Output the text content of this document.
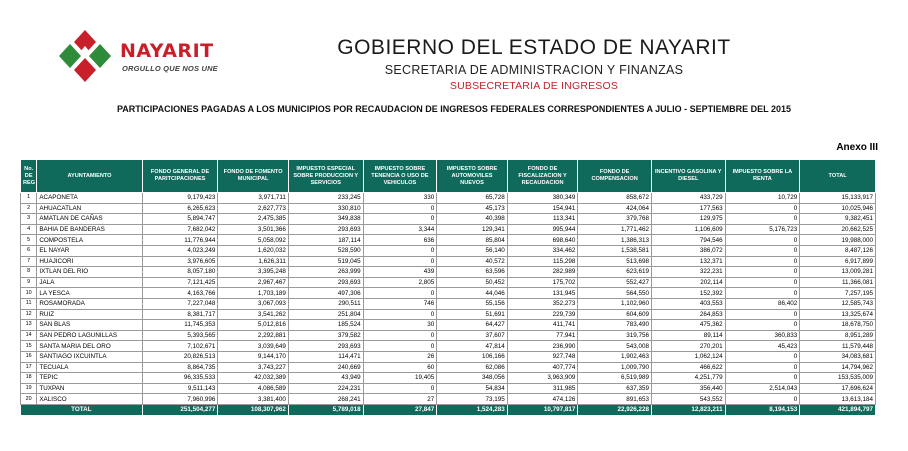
NAYARIT
ORGULLO QUE NOS UNE
GOBIERNO DEL ESTADO DE NAYARIT
SECRETARIA DE ADMINISTRACION Y FINANZAS
SUBSECRETARIA DE INGRESOS
PARTICIPACIONES PAGADAS A LOS MUNICIPIOS POR RECAUDACION DE INGRESOS FEDERALES CORRESPONDIENTES A JULIO - SEPTIEMBRE DEL 2015
Anexo III
No. DE REG	AYUNTAMIENTO	FONDO GENERAL DE PARITCIPACIONES	FONDO DE FOMENTO MUNICIPAL	IMPUESTO ESPECIAL SOBRE PRODUCCION Y SERVICIOS	IMPUESTO SOBRE TENENCIA O USO DE VEHICULOS	IMPUESTO SOBRE AUTOMOVILES NUEVOS	FONDO DE FISCALIZACION Y RECAUDACION	FONDO DE COMPENSACION	INCENTIVO GASOLINA Y DIESEL	IMPUESTO SOBRE LA RENTA	TOTAL
1	ACAPONETA	9,179,423	3,971,711	233,245	330	65,728	380,349	858,672	433,729	10,729	15,133,917
2	AHUACATLAN	6,265,623	2,627,773	330,810	0	45,173	154,941	424,064	177,563	0	10,025,946
3	AMATLAN DE CAÑAS	5,894,747	2,475,385	349,838	0	40,398	113,341	379,768	129,975	0	9,382,451
4	BAHIA DE BANDERAS	7,682,042	3,501,366	293,693	3,344	129,341	995,944	1,771,462	1,106,609	5,176,723	20,662,525
5	COMPOSTELA	11,776,944	5,058,092	187,114	636	85,804	698,640	1,386,313	794,546	0	19,988,000
6	EL NAYAR	4,023,249	1,620,032	528,590	0	56,140	334,462	1,538,581	386,072	0	8,487,126
7	HUAJICORI	3,976,605	1,626,311	519,045	0	40,572	115,298	513,698	132,371	0	6,917,899
8	IXTLAN DEL RIO	8,057,180	3,395,248	263,999	439	63,596	282,989	623,619	322,231	0	13,009,281
9	JALA	7,121,425	2,967,467	293,693	2,805	50,452	175,702	552,427	202,114	0	11,366,081
10	LA YESCA	4,163,766	1,703,189	497,306	0	44,046	131,945	564,550	152,392	0	7,257,195
11	ROSAMORADA	7,227,048	3,067,093	290,511	746	55,156	352,273	1,102,960	403,553	86,402	12,585,743
12	RUIZ	8,381,717	3,541,262	251,804	0	51,691	229,739	604,609	264,853	0	13,325,674
13	SAN BLAS	11,745,353	5,012,816	185,524	30	64,427	411,741	783,490	475,362	0	18,678,750
14	SAN PEDRO LAGUNILLAS	5,393,565	2,292,881	379,582	0	37,607	77,941	319,756	89,114	360,833	8,951,289
15	SANTA MARIA DEL ORO	7,102,671	3,039,649	293,693	0	47,814	236,990	543,008	270,201	45,423	11,579,448
16	SANTIAGO IXCUINTLA	20,826,513	9,144,170	114,471	26	106,166	927,748	1,902,463	1,062,124	0	34,083,681
17	TECUALA	8,864,735	3,743,227	240,669	60	62,086	407,774	1,009,790	466,622	0	14,794,962
18	TEPIC	96,335,533	42,032,389	43,949	19,405	348,056	3,963,909	6,519,989	4,251,779	0	153,535,009
19	TUXPAN	9,511,143	4,086,589	224,231	0	54,834	311,985	637,359	356,440	2,514,043	17,696,624
20	XALISCO	7,960,996	3,381,400	268,241	27	73,195	474,126	891,653	543,552	0	13,613,184
TOTAL		251,504,277	108,307,962	5,789,018	27,847	1,524,283	10,797,817	22,926,228	12,823,211	8,194,153	421,894,797
